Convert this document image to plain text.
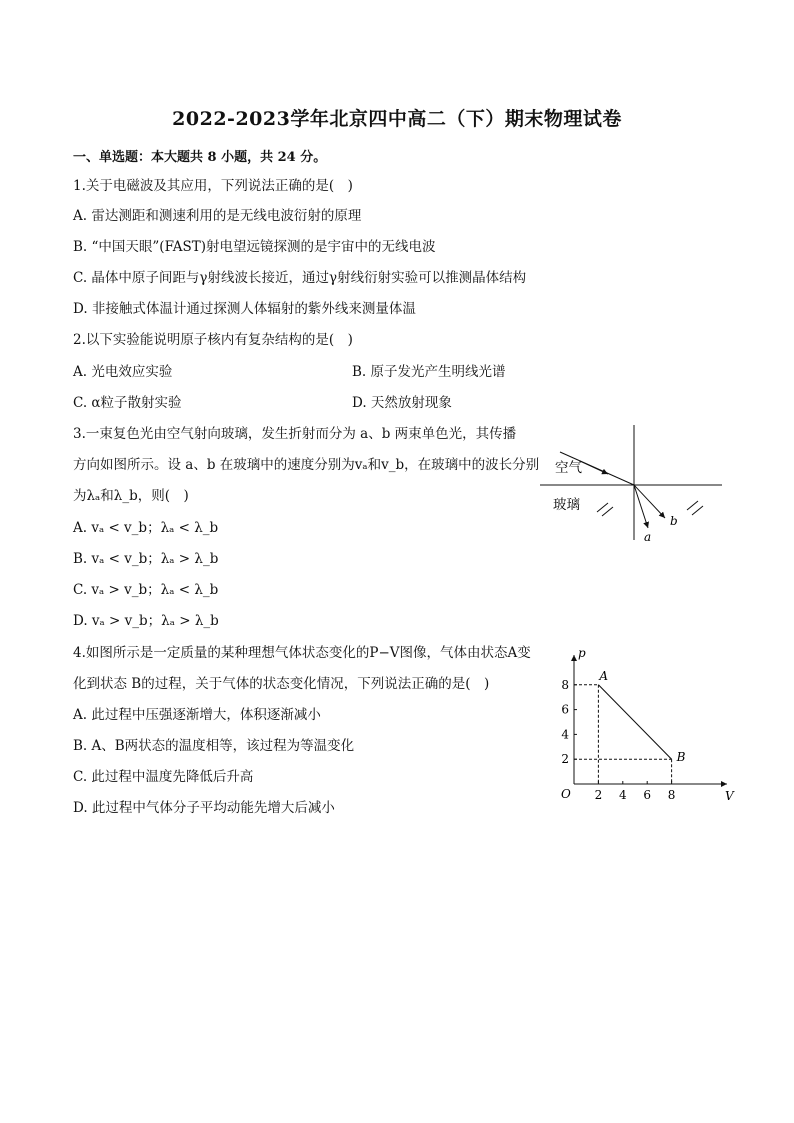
2022-2023学年北京四中高二（下）期末物理试卷
一、单选题：本大题共 8 小题，共 24 分。
1.关于电磁波及其应用，下列说法正确的是(　)
A. 雷达测距和测速利用的是无线电波衍射的原理
B. “中国天眼”(FAST)射电望远镜探测的是宇宙中的无线电波
C. 晶体中原子间距与γ射线波长接近，通过γ射线衍射实验可以推测晶体结构
D. 非接触式体温计通过探测人体辐射的紫外线来测量体温
2.以下实验能说明原子核内有复杂结构的是(　)
A. 光电效应实验	B. 原子发光产生明线光谱
C. α粒子散射实验	D. 天然放射现象
3.一束复色光由空气射向玻璃，发生折射而分为 a、b 两束单色光，其传播
方向如图所示。设 a、b 在玻璃中的速度分别为vₐ和v_b，在玻璃中的波长分别
为λₐ和λ_b，则(　)
A. vₐ < v_b；λₐ < λ_b
B. vₐ < v_b；λₐ > λ_b
C. vₐ > v_b；λₐ < λ_b
D. vₐ > v_b；λₐ > λ_b
空气
玻璃
a
b
4.如图所示是一定质量的某种理想气体状态变化的P−V图像，气体由状态A变
化到状态 B的过程，关于气体的状态变化情况，下列说法正确的是(　)
A. 此过程中压强逐渐增大，体积逐渐减小
B. A、B两状态的温度相等，该过程为等温变化
C. 此过程中温度先降低后升高
D. 此过程中气体分子平均动能先增大后减小
V
p
O 2 4 6 8
2
4
6
8
A
B
